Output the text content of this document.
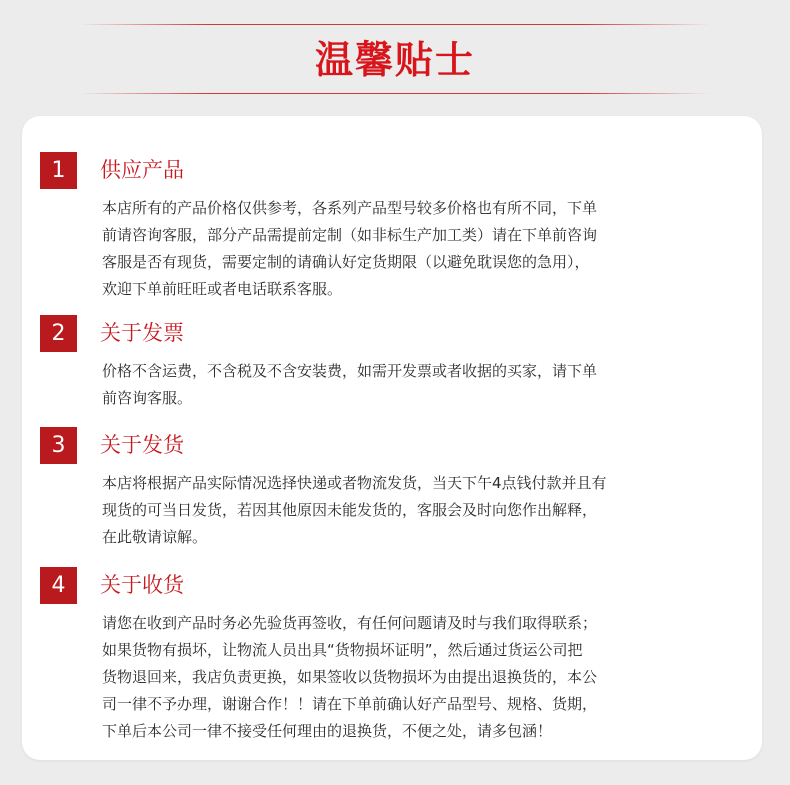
温馨贴士
1	供应产品

本店所有的产品价格仅供参考，各系列产品型号较多价格也有所不同，下单

前请咨询客服，部分产品需提前定制（如非标生产加工类）请在下单前咨询

客服是否有现货，需要定制的请确认好定货期限（以避免耽误您的急用），

欢迎下单前旺旺或者电话联系客服。

2	关于发票

价格不含运费，不含税及不含安装费，如需开发票或者收据的买家，请下单

前咨询客服。

3	关于发货

本店将根据产品实际情况选择快递或者物流发货，当天下午4点钱付款并且有

现货的可当日发货，若因其他原因未能发货的，客服会及时向您作出解释，

在此敬请谅解。

4	关于收货

请您在收到产品时务必先验货再签收，有任何问题请及时与我们取得联系；

如果货物有损坏，让物流人员出具“货物损坏证明”，然后通过货运公司把

货物退回来，我店负责更换，如果签收以货物损坏为由提出退换货的，本公

司一律不予办理，谢谢合作！！请在下单前确认好产品型号、规格、货期，

下单后本公司一律不接受任何理由的退换货，不便之处，请多包涵！
